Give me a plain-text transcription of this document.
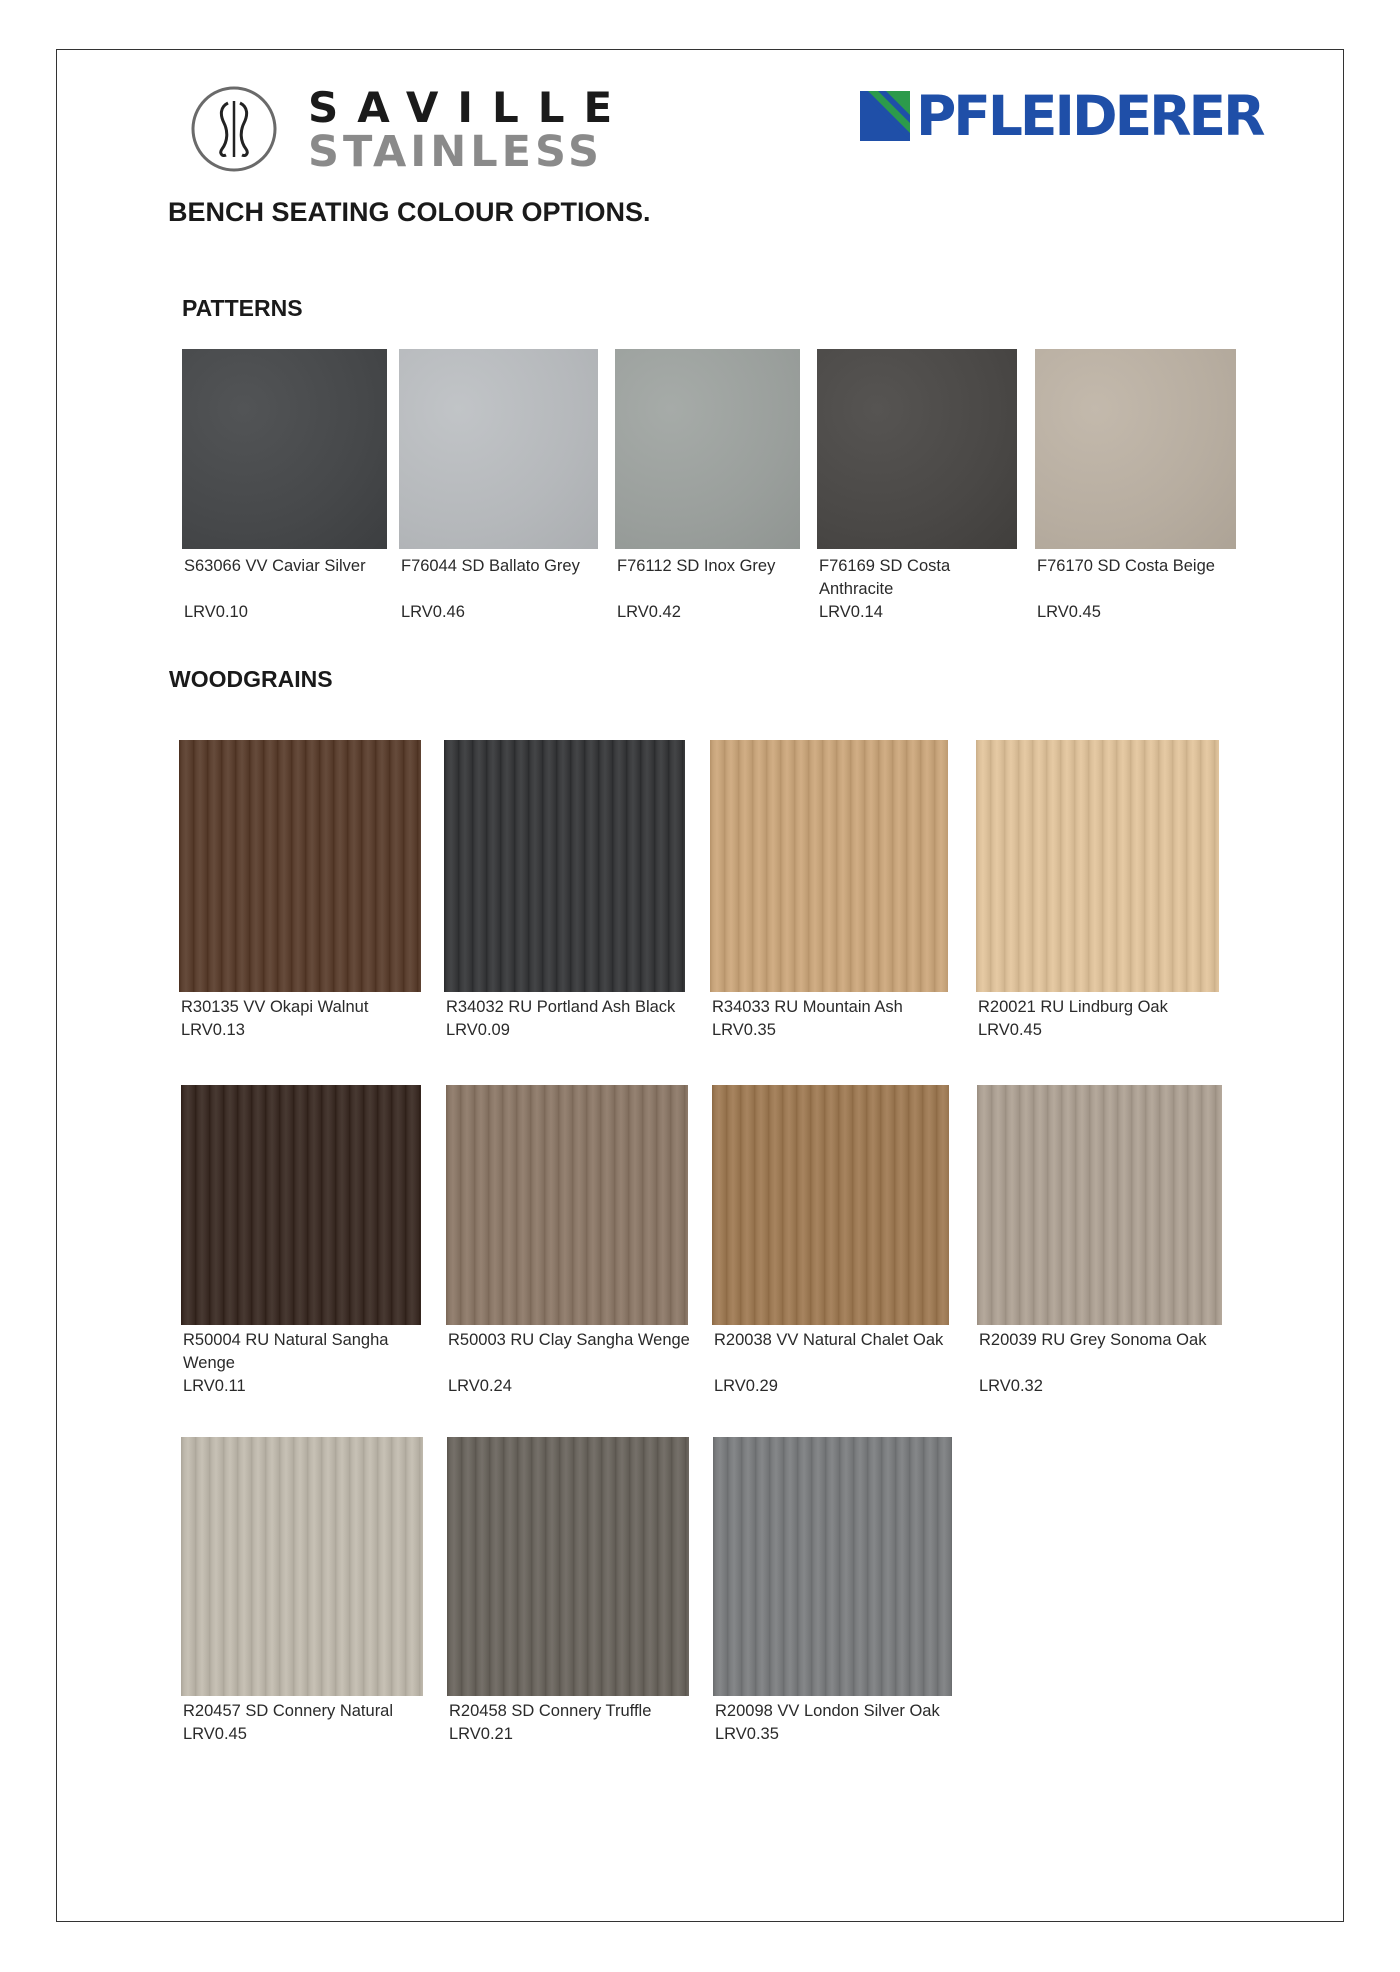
SAVILLE
STAINLESS
PFLEIDERER
BENCH SEATING COLOUR OPTIONS.
PATTERNS
S63066 VV Caviar Silver
LRV0.10
F76044 SD Ballato Grey
LRV0.46
F76112 SD Inox Grey
LRV0.42
F76169 SD Costa Anthracite
LRV0.14
F76170 SD Costa Beige
LRV0.45
WOODGRAINS
R30135 VV Okapi Walnut
LRV0.13
R34032 RU Portland Ash Black
LRV0.09
R34033 RU Mountain Ash
LRV0.35
R20021 RU Lindburg Oak
LRV0.45
R50004 RU Natural Sangha Wenge
LRV0.11
R50003 RU Clay Sangha Wenge
LRV0.24
R20038 VV Natural Chalet Oak
LRV0.29
R20039 RU Grey Sonoma Oak
LRV0.32
R20457 SD Connery Natural
LRV0.45
R20458 SD Connery Truffle
LRV0.21
R20098 VV London Silver Oak
LRV0.35
